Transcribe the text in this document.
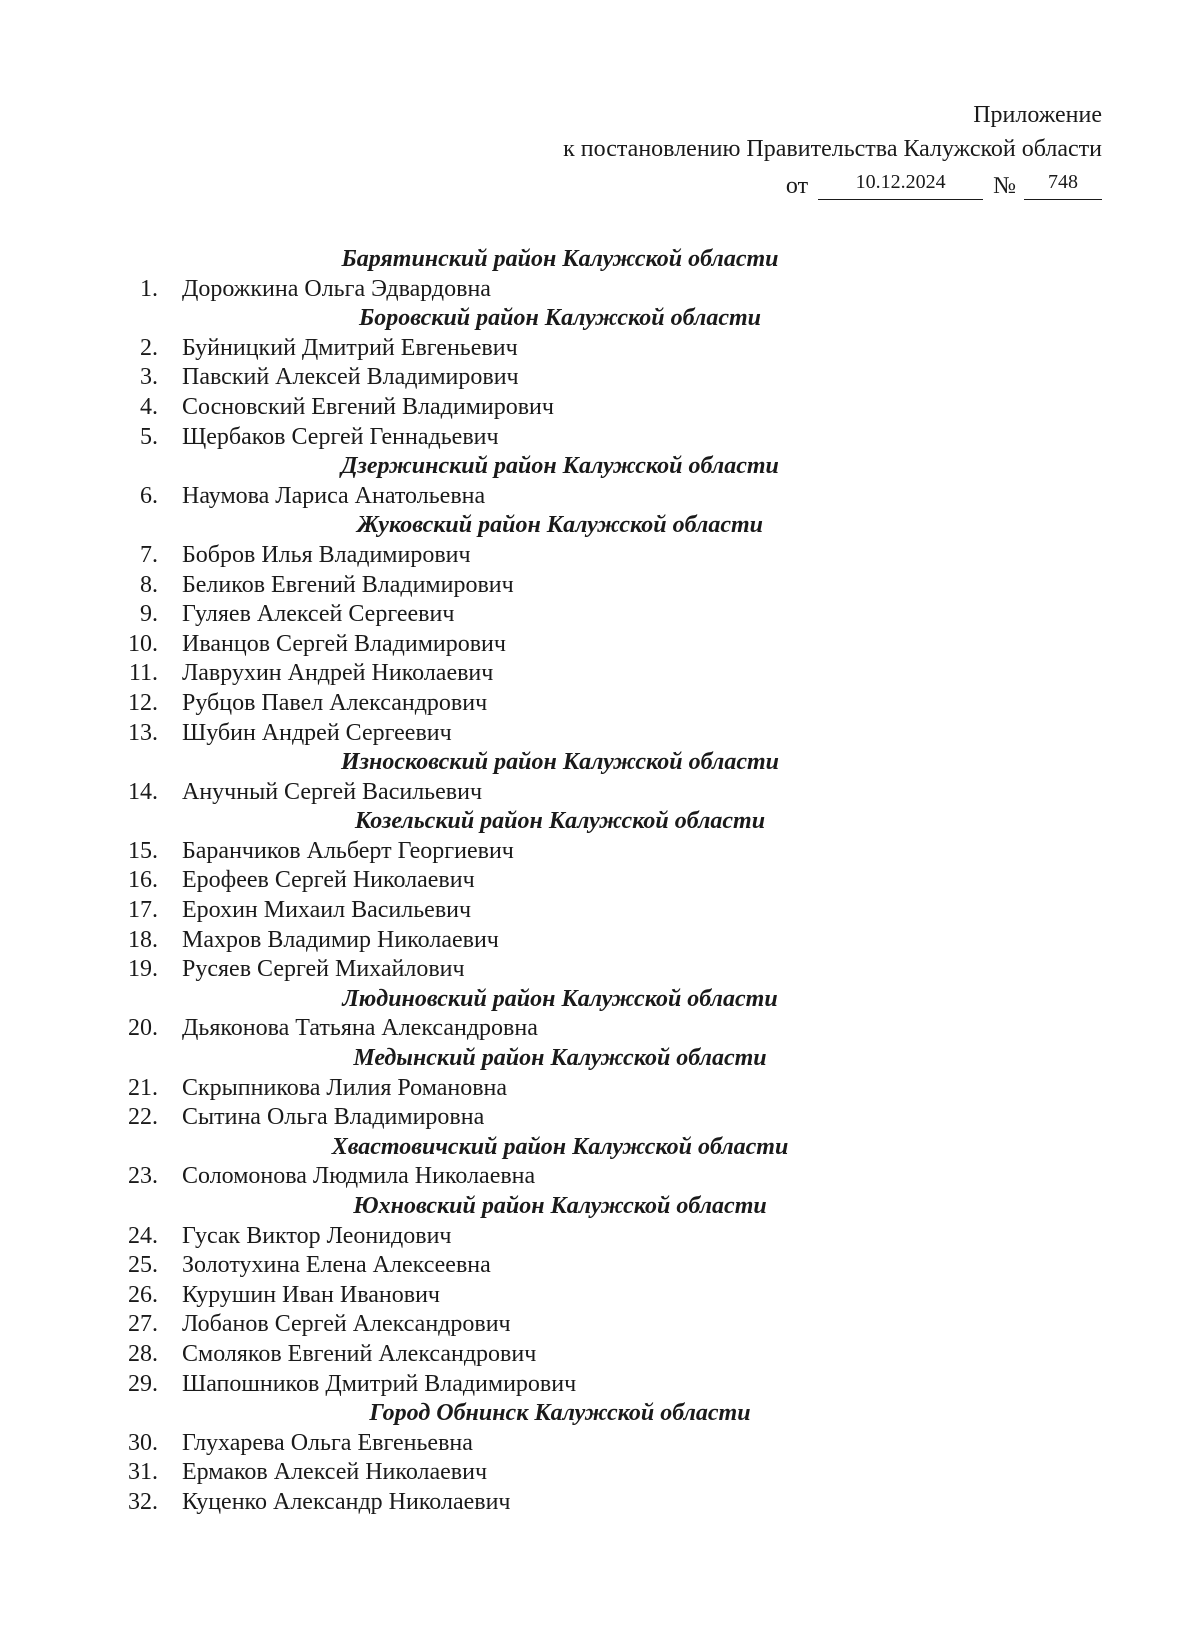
Приложение
к постановлению Правительства Калужской области
от	10.12.2024	№	748
Барятинский район Калужской области
1. Дорожкина Ольга Эдвардовна
Боровский район Калужской области
2. Буйницкий Дмитрий Евгеньевич
3. Павский Алексей Владимирович
4. Сосновский Евгений Владимирович
5. Щербаков Сергей Геннадьевич
Дзержинский район Калужской области
6. Наумова Лариса Анатольевна
Жуковский район Калужской области
7. Бобров Илья Владимирович
8. Беликов Евгений Владимирович
9. Гуляев Алексей Сергеевич
10. Иванцов Сергей Владимирович
11. Лаврухин Андрей Николаевич
12. Рубцов Павел Александрович
13. Шубин Андрей Сергеевич
Износковский район Калужской области
14. Анучный Сергей Васильевич
Козельский район Калужской области
15. Баранчиков Альберт Георгиевич
16. Ерофеев Сергей Николаевич
17. Ерохин Михаил Васильевич
18. Махров Владимир Николаевич
19. Русяев Сергей Михайлович
Людиновский район Калужской области
20. Дьяконова Татьяна Александровна
Медынский район Калужской области
21. Скрыпникова Лилия Романовна
22. Сытина Ольга Владимировна
Хвастовичский район Калужской области
23. Соломонова Людмила Николаевна
Юхновский район Калужской области
24. Гусак Виктор Леонидович
25. Золотухина Елена Алексеевна
26. Курушин Иван Иванович
27. Лобанов Сергей Александрович
28. Смоляков Евгений Александрович
29. Шапошников Дмитрий Владимирович
Город Обнинск Калужской области
30. Глухарева Ольга Евгеньевна
31. Ермаков Алексей Николаевич
32. Куценко Александр Николаевич
